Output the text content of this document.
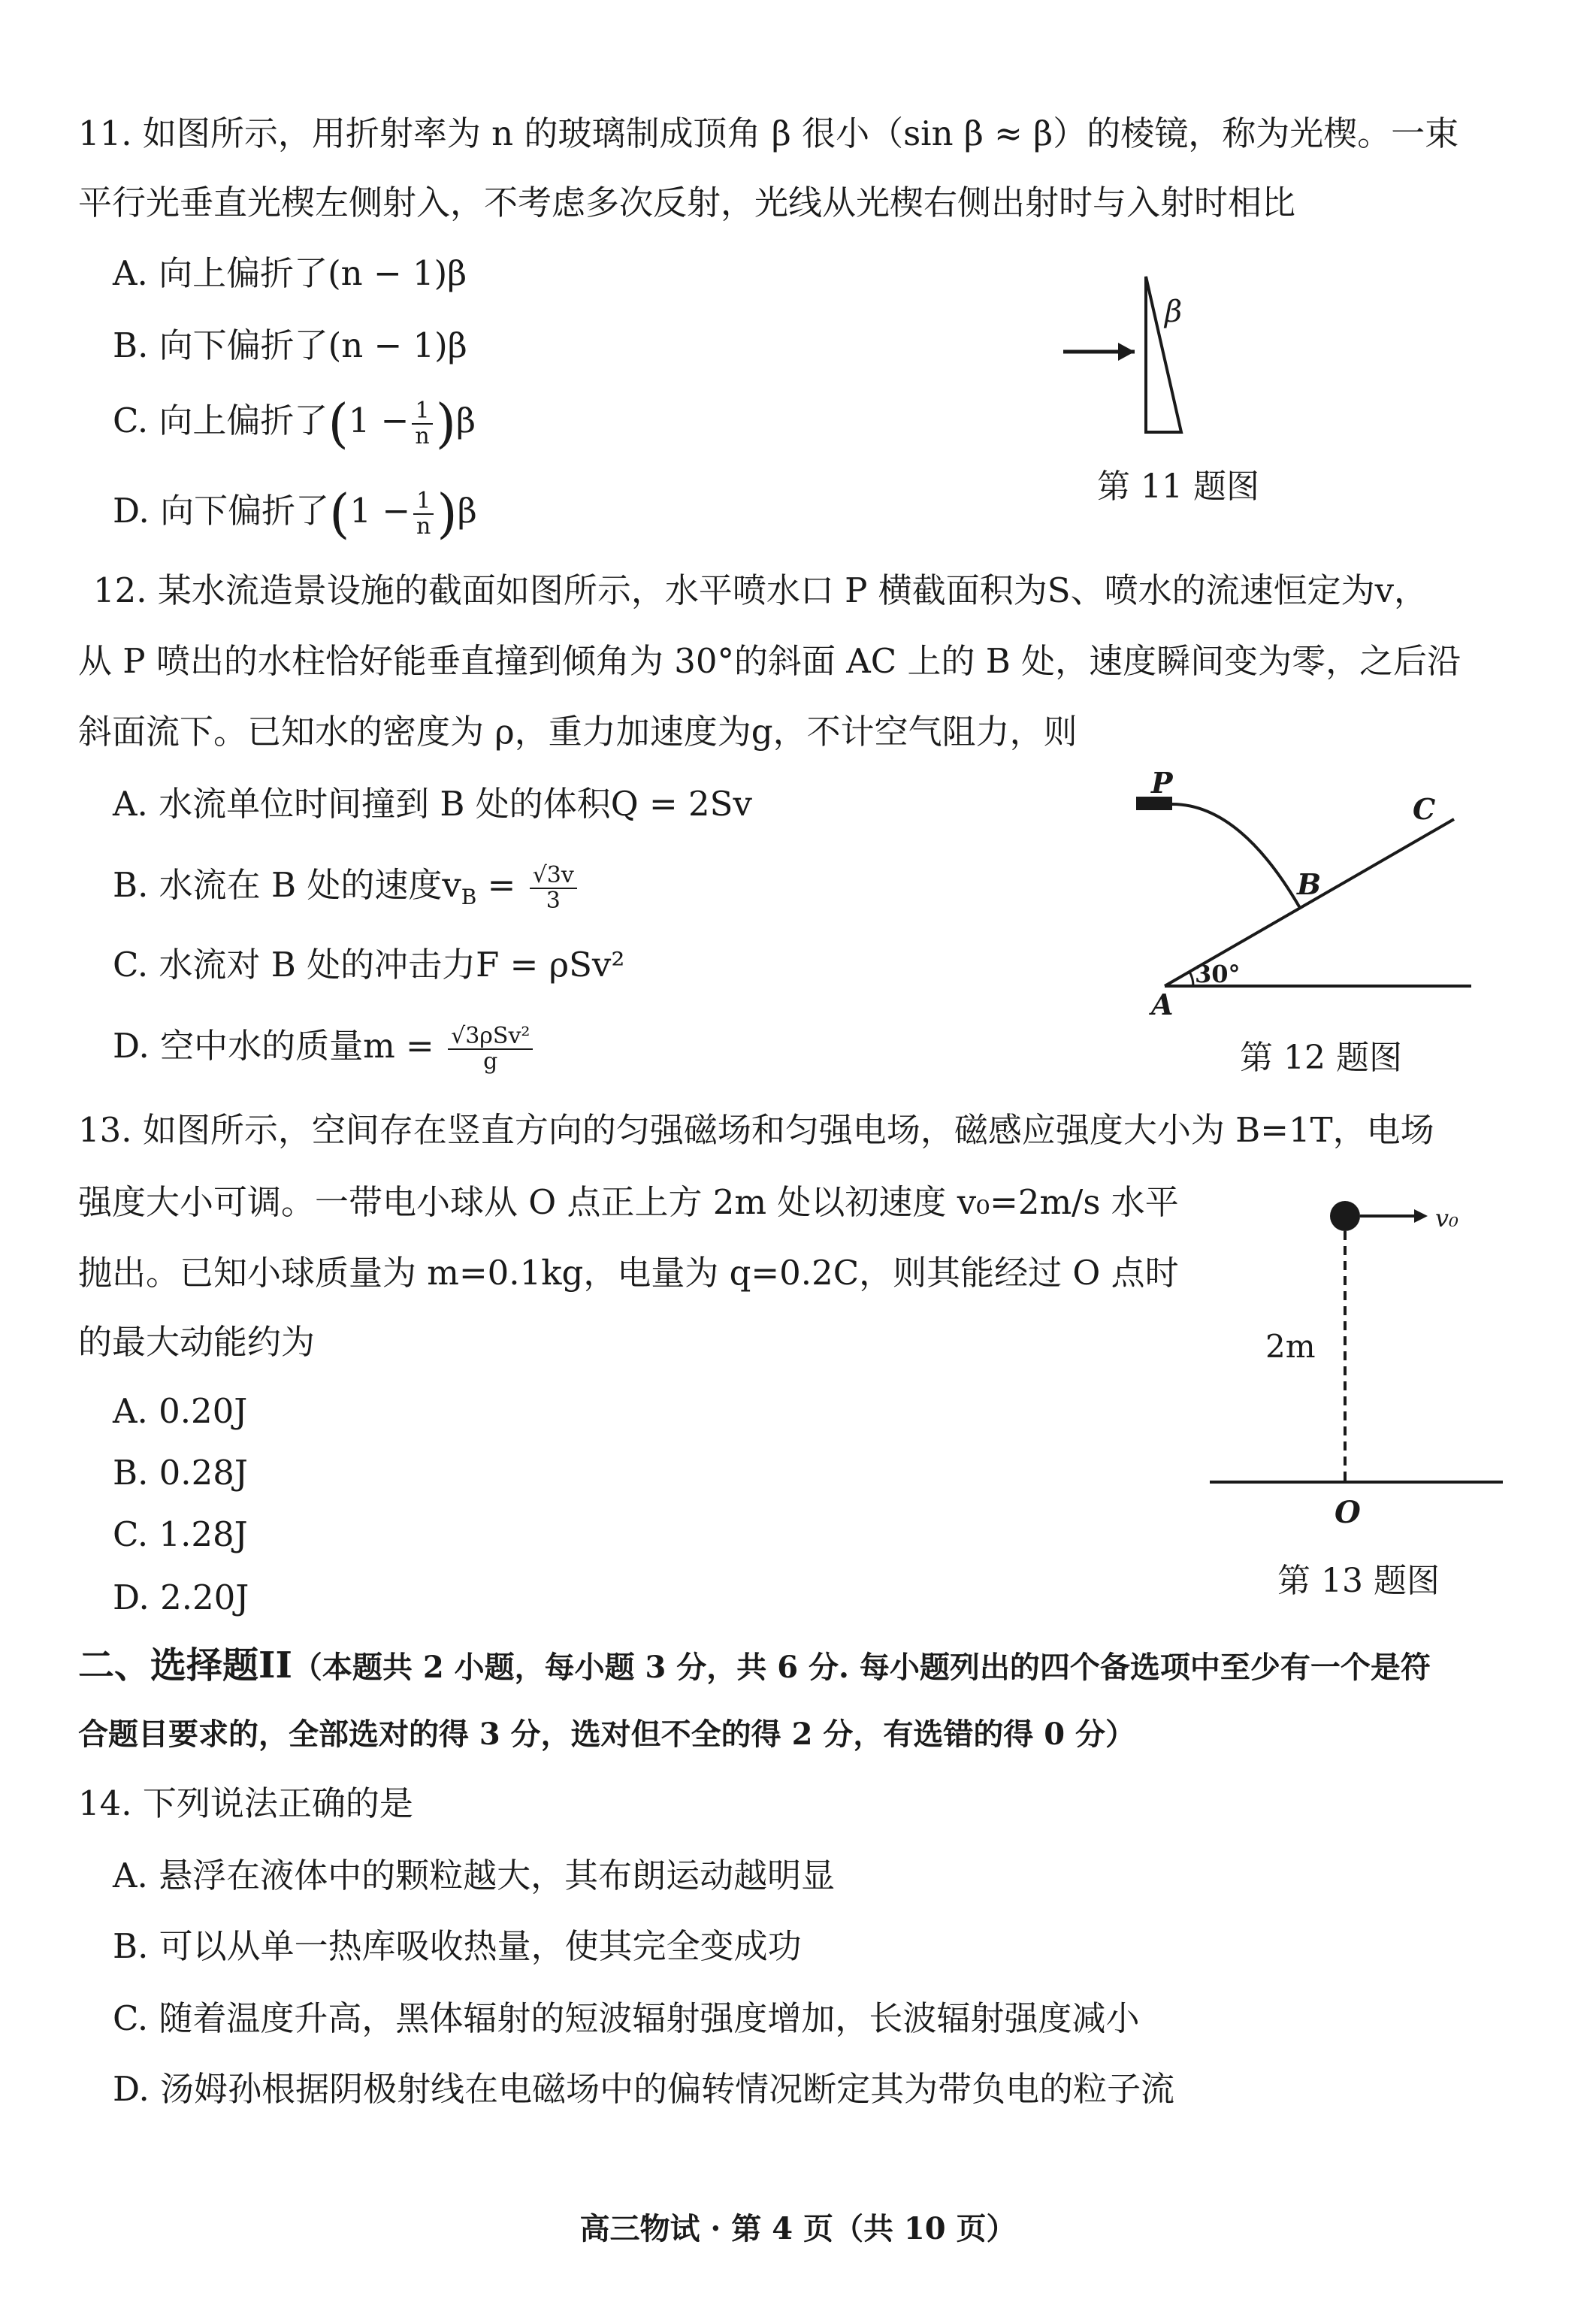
11. 如图所示，用折射率为 n 的玻璃制成顶角 β 很小（sin β ≈ β）的棱镜，称为光楔。一束
平行光垂直光楔左侧射入，不考虑多次反射，光线从光楔右侧出射时与入射时相比
A. 向上偏折了(n − 1)β
B. 向下偏折了(n − 1)β
C. 向上偏折了$(1 - \frac{1}{n} )\beta$
D. 向下偏折了$(1 - \frac{1}{n} )\beta$
β
第 11 题图
12. 某水流造景设施的截面如图所示，水平喷水口 P 横截面积为S、喷水的流速恒定为v，
从 P 喷出的水柱恰好能垂直撞到倾角为 30°的斜面 AC 上的 B 处，速度瞬间变为零，之后沿
斜面流下。已知水的密度为 ρ，重力加速度为g，不计空气阻力，则
A. 水流单位时间撞到 B 处的体积Q = 2Sv
B. 水流在 B 处的速度$v_B = \frac{√3v}{3}$
C. 水流对 B 处的冲击力F = ρSv²
D. 空中水的质量$m = \frac{\text{√3ρSv²}}{g}$
P
A
30°
B
C
第 12 题图
13. 如图所示，空间存在竖直方向的匀强磁场和匀强电场，磁感应强度大小为 B=1T，电场
强度大小可调。一带电小球从 O 点正上方 2m 处以初速度 v₀=2m/s 水平
抛出。已知小球质量为 m=0.1kg，电量为 q=0.2C，则其能经过 O 点时
的最大动能约为
A. 0.20J
B. 0.28J
C. 1.28J
D. 2.20J
v₀
2m
O
第 13 题图
二、选择题II（本题共 2 小题，每小题 3 分，共 6 分. 每小题列出的四个备选项中至少有一个是符
合题目要求的，全部选对的得 3 分，选对但不全的得 2 分，有选错的得 0 分）
14. 下列说法正确的是
A. 悬浮在液体中的颗粒越大，其布朗运动越明显
B. 可以从单一热库吸收热量，使其完全变成功
C. 随着温度升高，黑体辐射的短波辐射强度增加，长波辐射强度减小
D. 汤姆孙根据阴极射线在电磁场中的偏转情况断定其为带负电的粒子流
高三物试 · 第 4 页（共 10 页）
